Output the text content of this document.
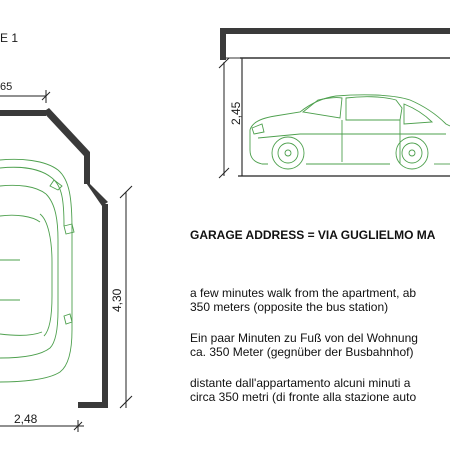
E 1
65
4,30
2,48
2,45
GARAGE ADDRESS = VIA GUGLIELMO MA
a few minutes walk from the apartment, ab
350 meters (opposite the bus station)
Ein paar Minuten zu Fuß von del Wohnung
ca. 350 Meter (gegnüber der Busbahnhof)
distante dall'appartamento alcuni minuti a
circa 350 metri (di fronte alla stazione auto
